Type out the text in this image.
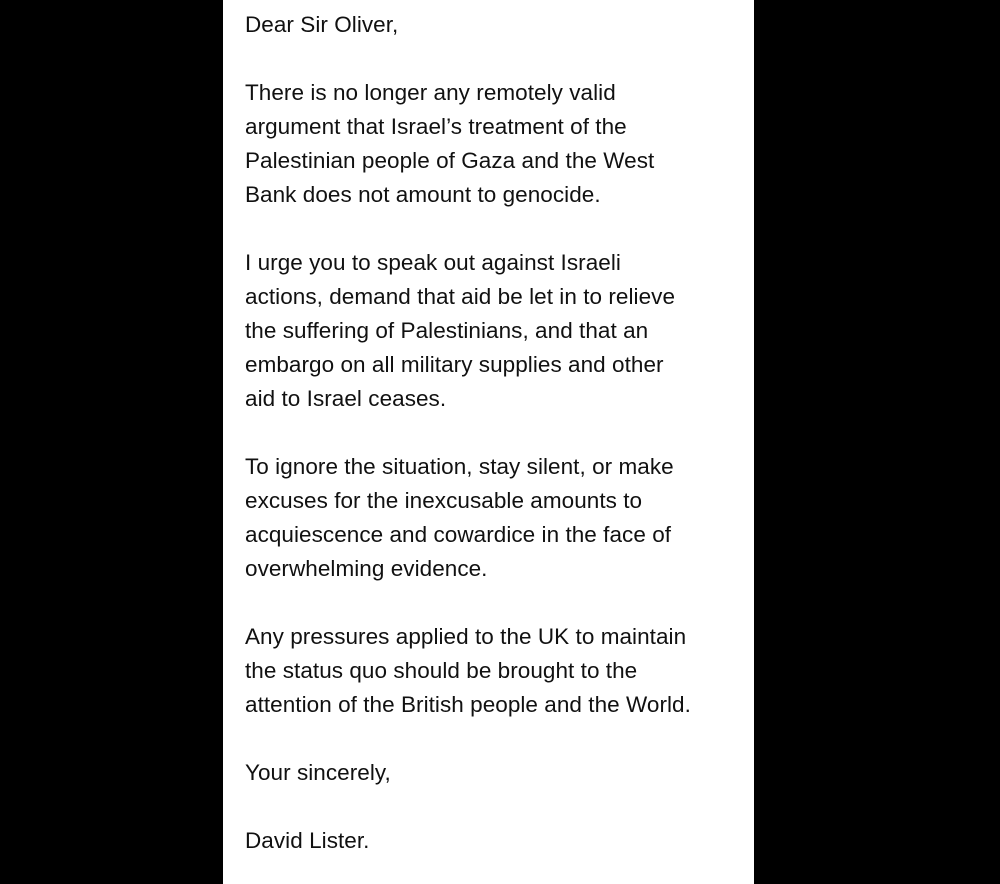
Dear Sir Oliver,
There is no longer any remotely valid
argument that Israel’s treatment of the
Palestinian people of Gaza and the West
Bank does not amount to genocide.
I urge you to speak out against Israeli
actions, demand that aid be let in to relieve
the suffering of Palestinians, and that an
embargo on all military supplies and other
aid to Israel ceases.
To ignore the situation, stay silent, or make
excuses for the inexcusable amounts to
acquiescence and cowardice in the face of
overwhelming evidence.
Any pressures applied to the UK to maintain
the status quo should be brought to the
attention of the British people and the World.
Your sincerely,
David Lister.
